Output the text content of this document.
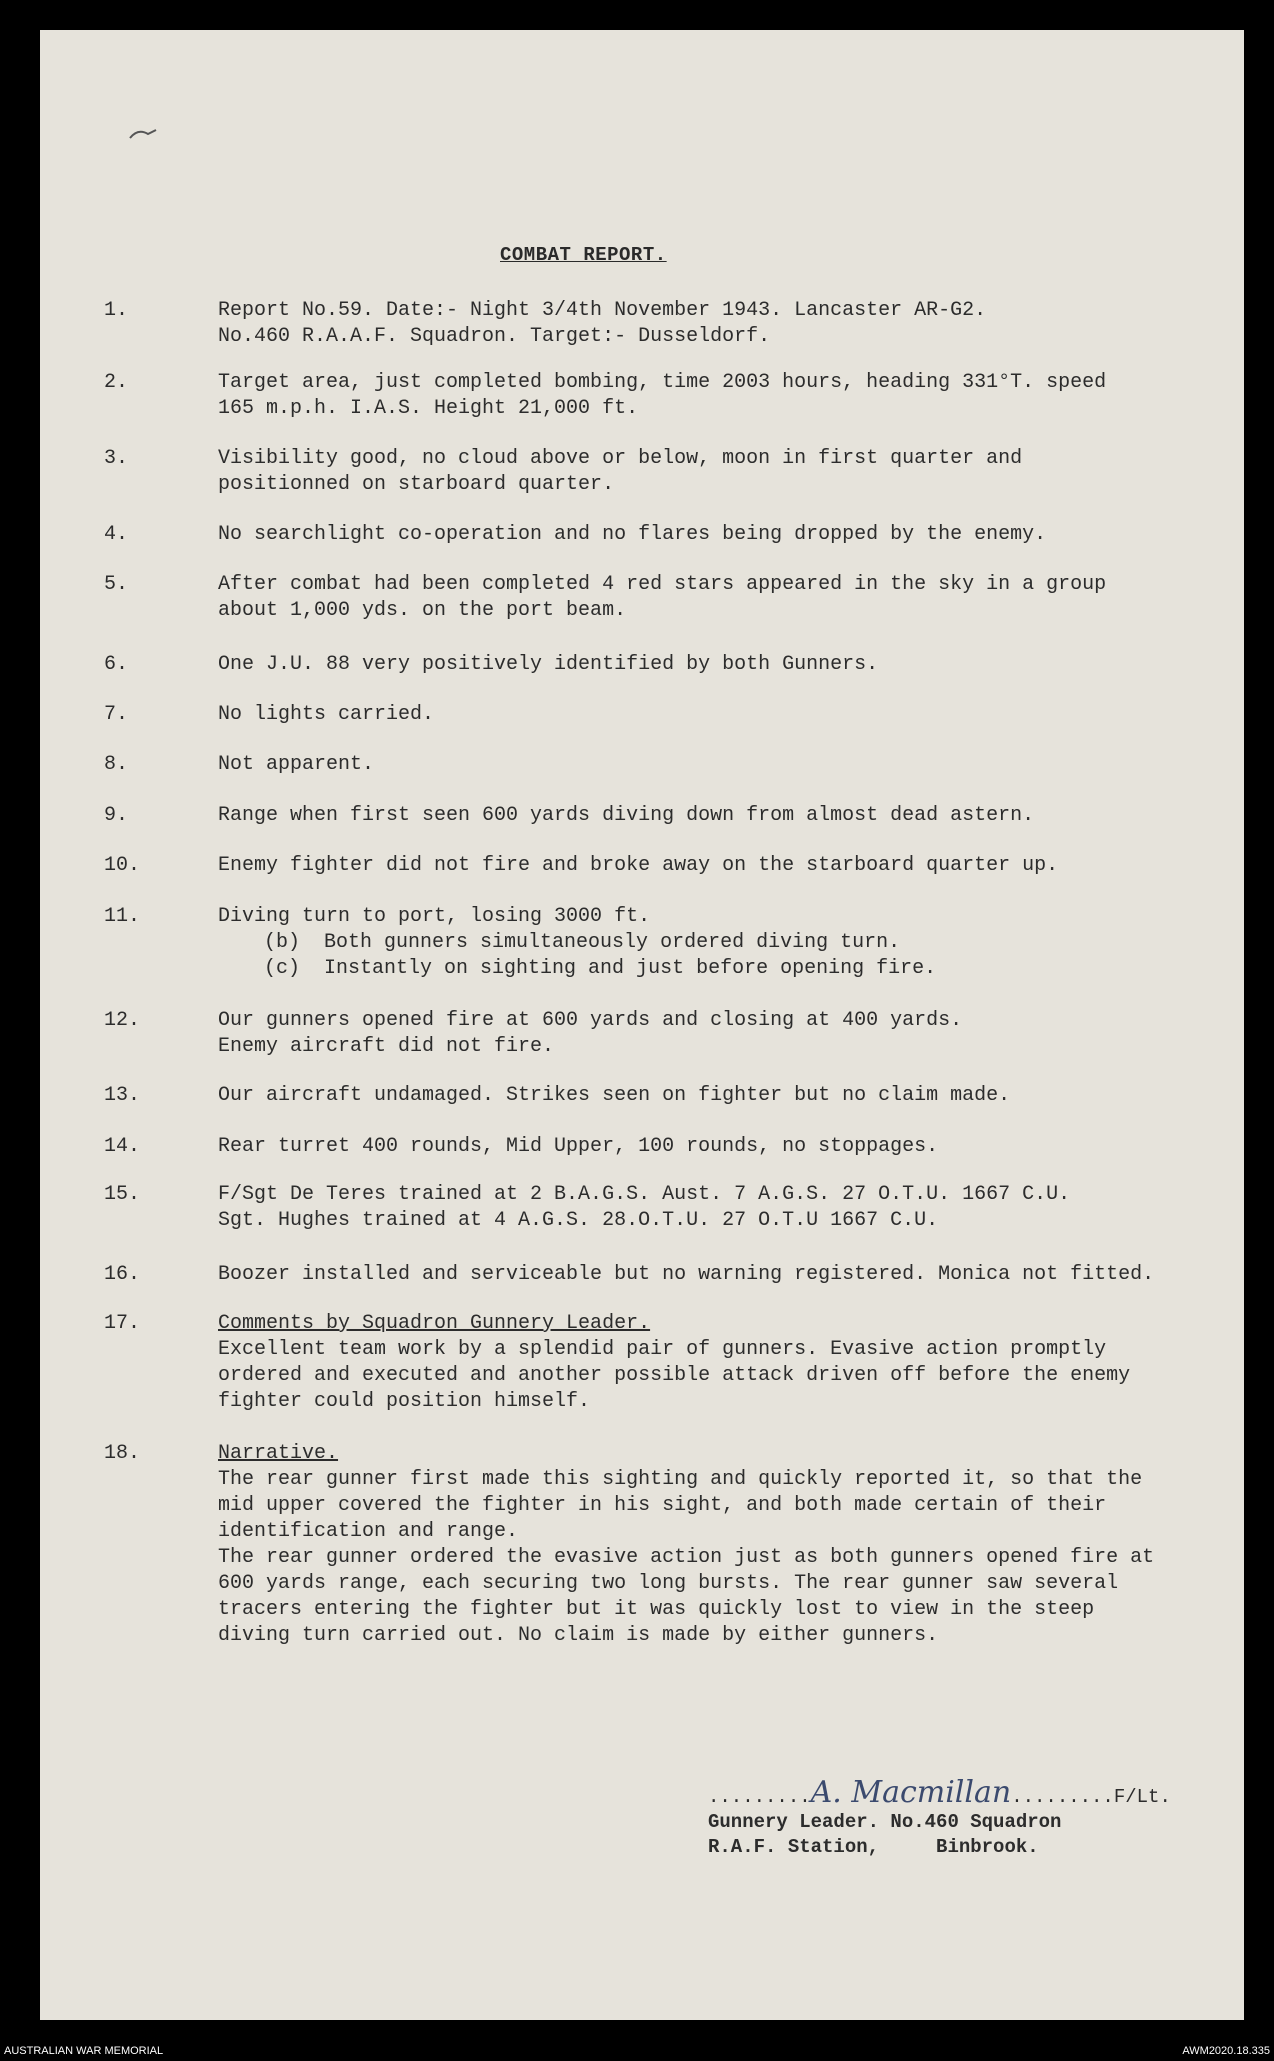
COMBAT REPORT.
1.	Report No.59. Date:- Night 3/4th November 1943. Lancaster AR-G2.
No.460 R.A.A.F. Squadron. Target:- Dusseldorf.
2.	Target area, just completed bombing, time 2003 hours, heading 331°T. speed
165 m.p.h. I.A.S. Height 21,000 ft.
3.	Visibility good, no cloud above or below, moon in first quarter and
positionned on starboard quarter.
4.	No searchlight co-operation and no flares being dropped by the enemy.
5.	After combat had been completed 4 red stars appeared in the sky in a group
about 1,000 yds. on the port beam.
6.	One J.U. 88 very positively identified by both Gunners.
7.	No lights carried.
8.	Not apparent.
9.	Range when first seen 600 yards diving down from almost dead astern.
10.	Enemy fighter did not fire and broke away on the starboard quarter up.
11.	Diving turn to port, losing 3000 ft.
(b)  Both gunners simultaneously ordered diving turn.
(c)  Instantly on sighting and just before opening fire.
12.	Our gunners opened fire at 600 yards and closing at 400 yards.
Enemy aircraft did not fire.
13.	Our aircraft undamaged. Strikes seen on fighter but no claim made.
14.	Rear turret 400 rounds, Mid Upper, 100 rounds, no stoppages.
15.	F/Sgt De Teres trained at 2 B.A.G.S. Aust. 7 A.G.S. 27 O.T.U. 1667 C.U.
Sgt. Hughes trained at 4 A.G.S. 28.O.T.U. 27 O.T.U 1667 C.U.
16.	Boozer installed and serviceable but no warning registered. Monica not fitted.
17.	Comments by Squadron Gunnery Leader.
Excellent team work by a splendid pair of gunners. Evasive action promptly
ordered and executed and another possible attack driven off before the enemy
fighter could position himself.
18.	Narrative.
The rear gunner first made this sighting and quickly reported it, so that the
mid upper covered the fighter in his sight, and both made certain of their
identification and range.
The rear gunner ordered the evasive action just as both gunners opened fire at
600 yards range, each securing two long bursts. The rear gunner saw several
tracers entering the fighter but it was quickly lost to view in the steep
diving turn carried out. No claim is made by either gunners.
.........A. Macmillan.........F/Lt.
Gunnery Leader. No.460 Squadron
R.A.F. Station,     Binbrook.
AUSTRALIAN WAR MEMORIAL	AWM2020.18.335
